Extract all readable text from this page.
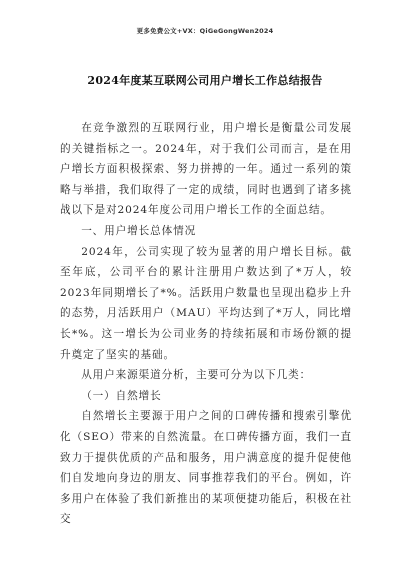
更多免费公文+VX：QiGeGongWen2024
2024年度某互联网公司用户增长工作总结报告

在竞争激烈的互联网行业，用户增长是衡量公司发展的关键指标之一。2024年，对于我们公司而言，是在用户增长方面积极探索、努力拼搏的一年。通过一系列的策略与举措，我们取得了一定的成绩，同时也遇到了诸多挑战以下是对2024年度公司用户增长工作的全面总结。

一、用户增长总体情况

2024年，公司实现了较为显著的用户增长目标。截至年底，公司平台的累计注册用户数达到了*万人，较2023年同期增长了*%。活跃用户数量也呈现出稳步上升的态势，月活跃用户（MAU）平均达到了*万人，同比增长*%。这一增长为公司业务的持续拓展和市场份额的提升奠定了坚实的基础。

从用户来源渠道分析，主要可分为以下几类：

（一）自然增长

自然增长主要源于用户之间的口碑传播和搜索引擎优化（SEO）带来的自然流量。在口碑传播方面，我们一直致力于提供优质的产品和服务，用户满意度的提升促使他们自发地向身边的朋友、同事推荐我们的平台。例如，许多用户在体验了我们新推出的某项便捷功能后，积极在社交
